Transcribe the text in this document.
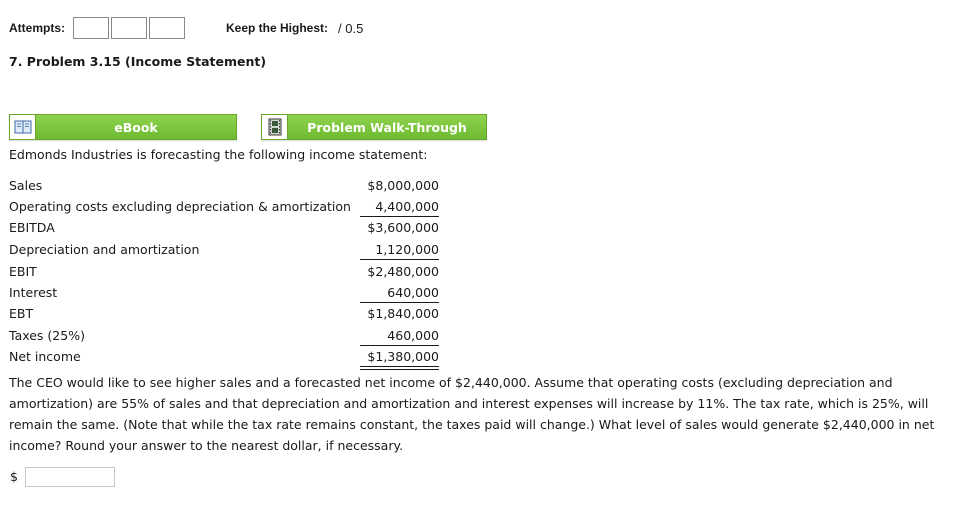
Attempts:	Keep the Highest: / 0.5
7. Problem 3.15 (Income Statement)
eBook	Problem Walk-Through
Edmonds Industries is forecasting the following income statement:
Sales	$8,000,000
Operating costs excluding depreciation & amortization	4,400,000
EBITDA	$3,600,000
Depreciation and amortization	1,120,000
EBIT	$2,480,000
Interest	640,000
EBT	$1,840,000
Taxes (25%)	460,000
Net income	$1,380,000
The CEO would like to see higher sales and a forecasted net income of $2,440,000. Assume that operating costs (excluding depreciation and amortization) are 55% of sales and that depreciation and amortization and interest expenses will increase by 11%. The tax rate, which is 25%, will remain the same. (Note that while the tax rate remains constant, the taxes paid will change.) What level of sales would generate $2,440,000 in net income? Round your answer to the nearest dollar, if necessary.
$
